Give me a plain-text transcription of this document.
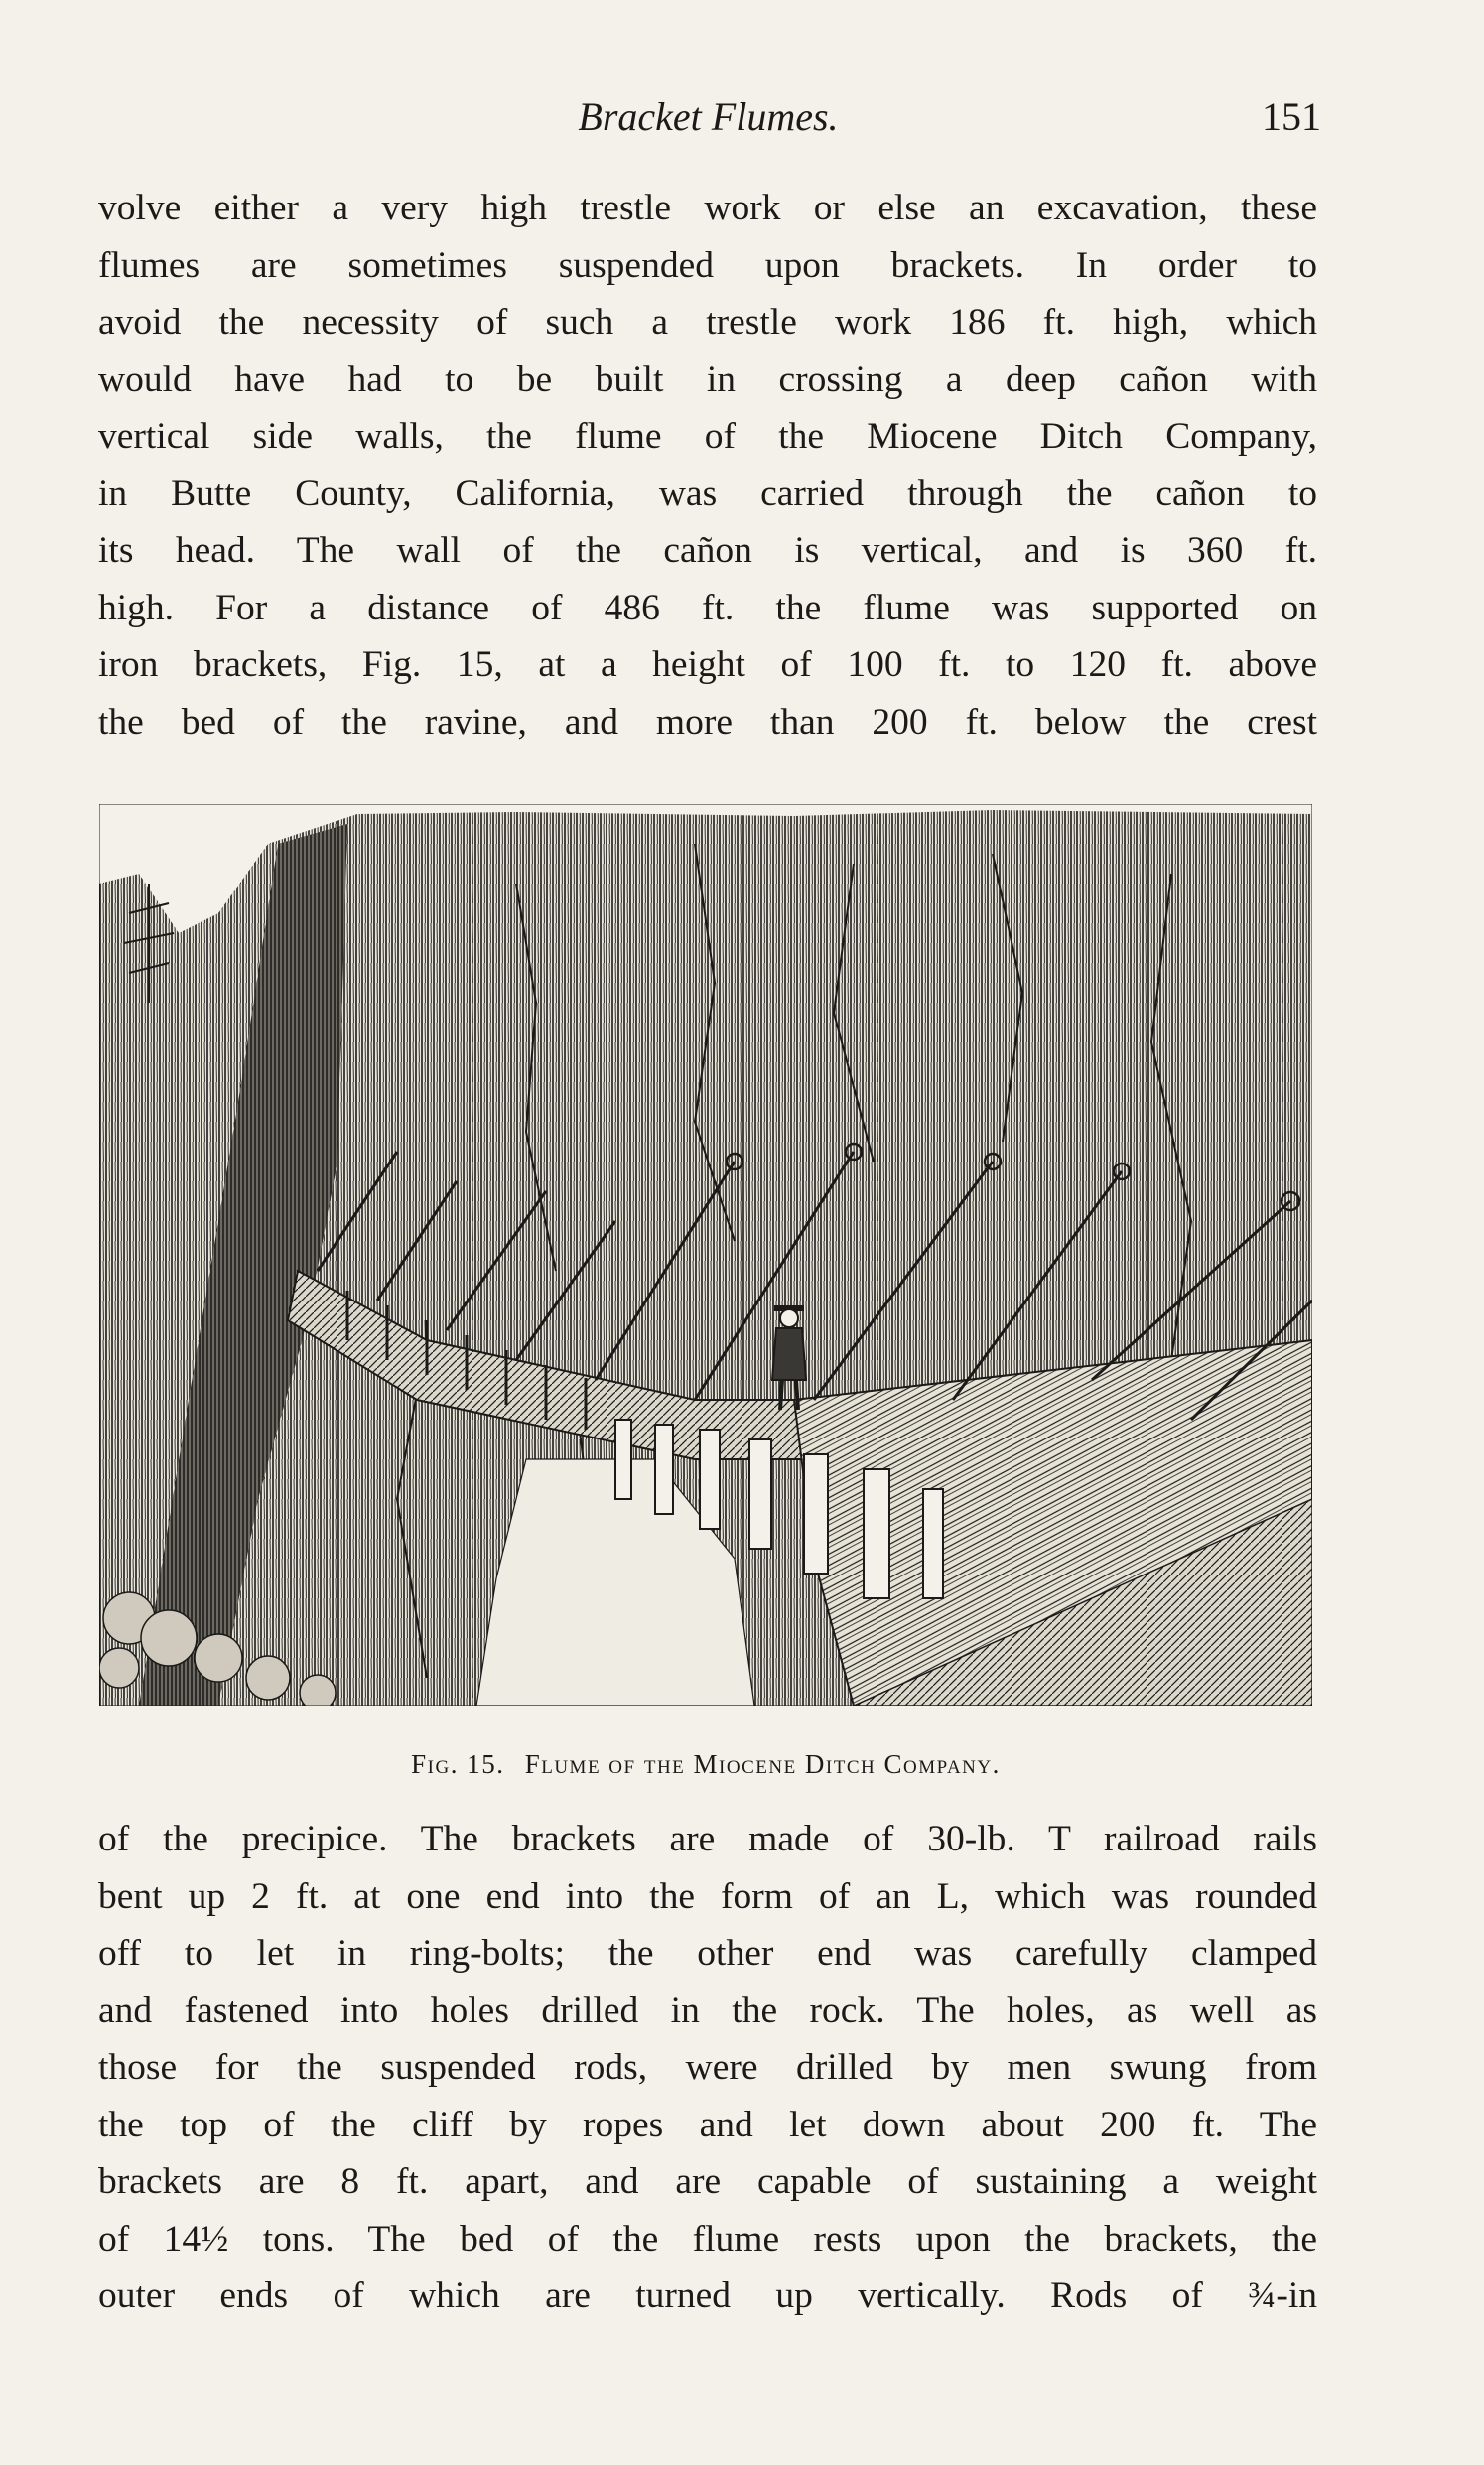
Bracket Flumes.	151
volve either a very high trestle work or else an excavation, these
flumes are sometimes suspended upon brackets. In order to
avoid the necessity of such a trestle work 186 ft. high, which
would have had to be built in crossing a deep cañon with
vertical side walls, the flume of the Miocene Ditch Company,
in Butte County, California, was carried through the cañon to
its head. The wall of the cañon is vertical, and is 360 ft.
high. For a distance of 486 ft. the flume was supported on
iron brackets, Fig. 15, at a height of 100 ft. to 120 ft. above
the bed of the ravine, and more than 200 ft. below the crest
Fig. 15. Flume of the Miocene Ditch Company.
of the precipice. The brackets are made of 30-lb. T railroad rails
bent up 2 ft. at one end into the form of an L, which was rounded
off to let in ring-bolts; the other end was carefully clamped
and fastened into holes drilled in the rock. The holes, as well as
those for the suspended rods, were drilled by men swung from
the top of the cliff by ropes and let down about 200 ft. The
brackets are 8 ft. apart, and are capable of sustaining a weight
of 14½ tons. The bed of the flume rests upon the brackets, the
outer ends of which are turned up vertically. Rods of ¾-in
